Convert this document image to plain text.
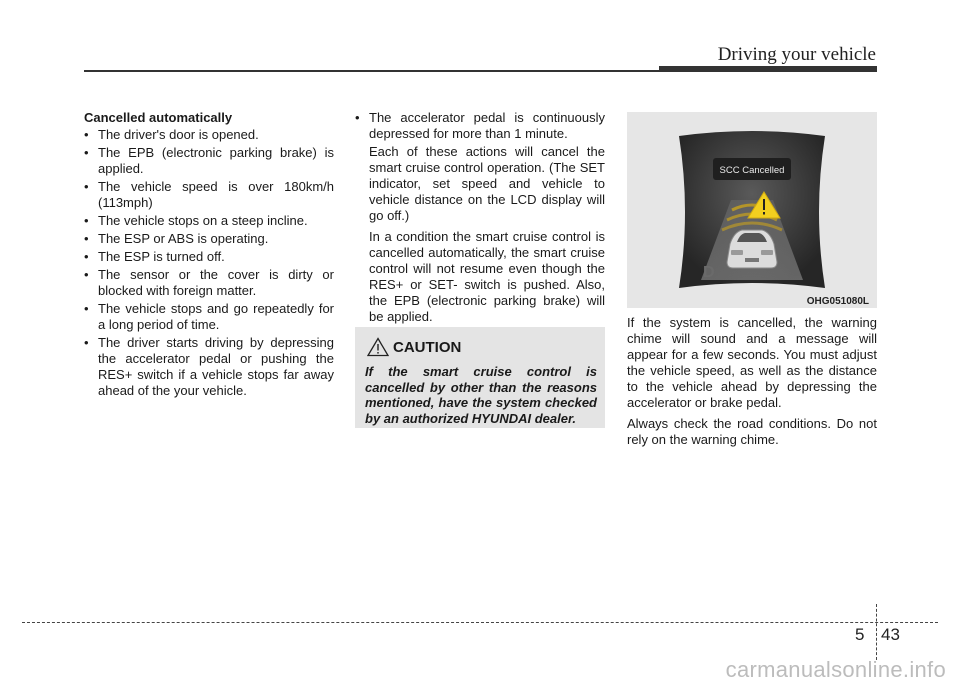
Driving your vehicle
Cancelled automatically
• The driver's door is opened.
• The EPB (electronic parking brake) is applied.
• The vehicle speed is over 180km/h (113mph)
• The vehicle stops on a steep incline.
• The ESP or ABS is operating.
• The ESP is turned off.
• The sensor or the cover is dirty or blocked with foreign matter.
• The vehicle stops and go repeatedly for a long period of time.
• The driver starts driving by depressing the accelerator pedal or pushing the RES+ switch if a vehicle stops far away ahead of the your vehicle.
• The accelerator pedal is continuously depressed for more than 1 minute.

Each of these actions will cancel the smart cruise control operation. (The SET indicator, set speed and vehicle to vehicle distance on the LCD display will go off.)

In a condition the smart cruise control is cancelled automatically, the smart cruise control will not resume even though the RES+ or SET- switch is pushed. Also, the EPB (electronic parking brake) will be applied.

CAUTION
If the smart cruise control is cancelled by other than the reasons mentioned, have the system checked by an authorized HYUNDAI dealer.
SCC Cancelled
D
OHG051080L

If the system is cancelled, the warning chime will sound and a message will appear for a few seconds. You must adjust the vehicle speed, as well as the distance to the vehicle ahead by depressing the accelerator or brake pedal.

Always check the road conditions. Do not rely on the warning chime.

5 43
carmanualsonline.info
